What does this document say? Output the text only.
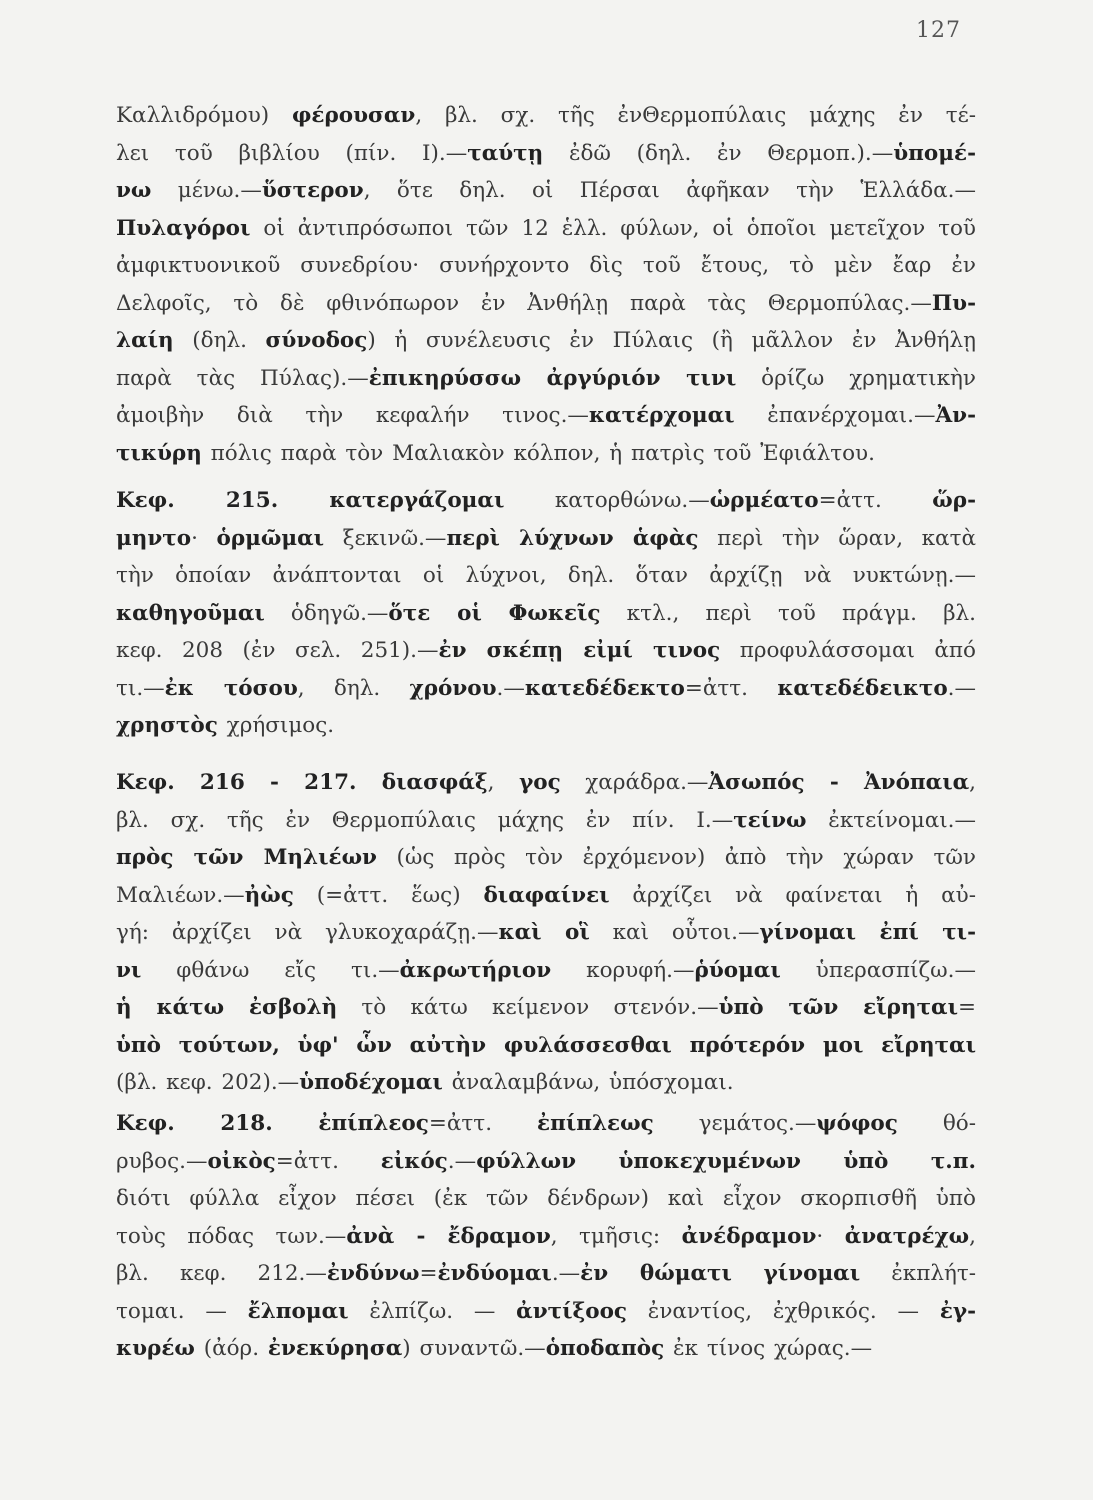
127

Καλλιδρόμου) φέρουσαν, βλ. σχ. τῆς ἐνΘερμοπύλαις μάχης ἐν τέ-
λει τοῦ βιβλίου (πίν. Ι).—ταύτῃ ἐδῶ (δηλ. ἐν Θερμοπ.).—ὑπομέ-
νω μένω.—ὕστερον, ὅτε δηλ. οἱ Πέρσαι ἀφῆκαν τὴν Ἑλλάδα.—
Πυλαγόροι οἱ ἀντιπρόσωποι τῶν 12 ἑλλ. φύλων, οἱ ὁποῖοι μετεῖχον τοῦ
ἀμφικτυονικοῦ συνεδρίου· συνήρχοντο δὶς τοῦ ἔτους, τὸ μὲν ἔαρ ἐν
Δελφοῖς, τὸ δὲ φθινόπωρον ἐν Ἀνθήλῃ παρὰ τὰς Θερμοπύλας.—Πυ-
λαίη (δηλ. σύνοδος) ἡ συνέλευσις ἐν Πύλαις (ἢ μᾶλλον ἐν Ἀνθήλῃ
παρὰ τὰς Πύλας).—ἐπικηρύσσω ἀργύριόν τινι ὁρίζω χρηματικὴν
ἀμοιβὴν διὰ τὴν κεφαλήν τινος.—κατέρχομαι ἐπανέρχομαι.—Ἀν-
τικύρη πόλις παρὰ τὸν Μαλιακὸν κόλπον, ἡ πατρὶς τοῦ Ἐφιάλτου.

Κεφ. 215. κατεργάζομαι κατορθώνω.—ὡρμέατο=ἀττ. ὥρ-
μηντο· ὁρμῶμαι ξεκινῶ.—περὶ λύχνων ἁφὰς περὶ τὴν ὥραν, κατὰ
τὴν ὁποίαν ἀνάπτονται οἱ λύχνοι, δηλ. ὅταν ἀρχίζῃ νὰ νυκτώνῃ.—
καθηγοῦμαι ὁδηγῶ.—ὅτε οἱ Φωκεῖς κτλ., περὶ τοῦ πράγμ. βλ.
κεφ. 208 (ἐν σελ. 251).—ἐν σκέπῃ εἰμί τινος προφυλάσσομαι ἀπό
τι.—ἐκ τόσου, δηλ. χρόνου.—κατεδέδεκτο=ἀττ. κατεδέδεικτο.—
χρηστὸς χρήσιμος.

Κεφ. 216 - 217. διασφάξ, γος χαράδρα.—Ἀσωπός - Ἀνόπαια,
βλ. σχ. τῆς ἐν Θερμοπύλαις μάχης ἐν πίν. Ι.—τείνω ἐκτείνομαι.—
πρὸς τῶν Μηλιέων (ὡς πρὸς τὸν ἐρχόμενον) ἀπὸ τὴν χώραν τῶν
Μαλιέων.—ἠὼς (=ἀττ. ἕως) διαφαίνει ἀρχίζει νὰ φαίνεται ἡ αὐ-
γή: ἀρχίζει νὰ γλυκοχαράζῃ.—καὶ οἳ καὶ οὗτοι.—γίνομαι ἐπί τι-
νι φθάνω εἴς τι.—ἀκρωτήριον κορυφή.—ῥύομαι ὑπερασπίζω.—
ἡ κάτω ἐσβολὴ τὸ κάτω κείμενον στενόν.—ὑπὸ τῶν εἴρηται=
ὑπὸ τούτων, ὑφ' ὧν αὐτὴν φυλάσσεσθαι πρότερόν μοι εἴρηται
(βλ. κεφ. 202).—ὑποδέχομαι ἀναλαμβάνω, ὑπόσχομαι.

Κεφ. 218. ἐπίπλεος=ἀττ. ἐπίπλεως γεμάτος.—ψόφος θό-
ρυβος.—οἰκὸς=ἀττ. εἰκός.—φύλλων ὑποκεχυμένων ὑπὸ τ.π.
διότι φύλλα εἶχον πέσει (ἐκ τῶν δένδρων) καὶ εἶχον σκορπισθῆ ὑπὸ
τοὺς πόδας των.—ἀνὰ - ἔδραμον, τμῆσις: ἀνέδραμον· ἀνατρέχω,
βλ. κεφ. 212.—ἐνδύνω=ἐνδύομαι.—ἐν θώματι γίνομαι ἐκπλήτ-
τομαι. — ἔλπομαι ἐλπίζω. — ἀντίξοος ἐναντίος, ἐχθρικός. — ἐγ-
κυρέω (ἀόρ. ἐνεκύρησα) συναντῶ.—ὁποδαπὸς ἐκ τίνος χώρας.—
